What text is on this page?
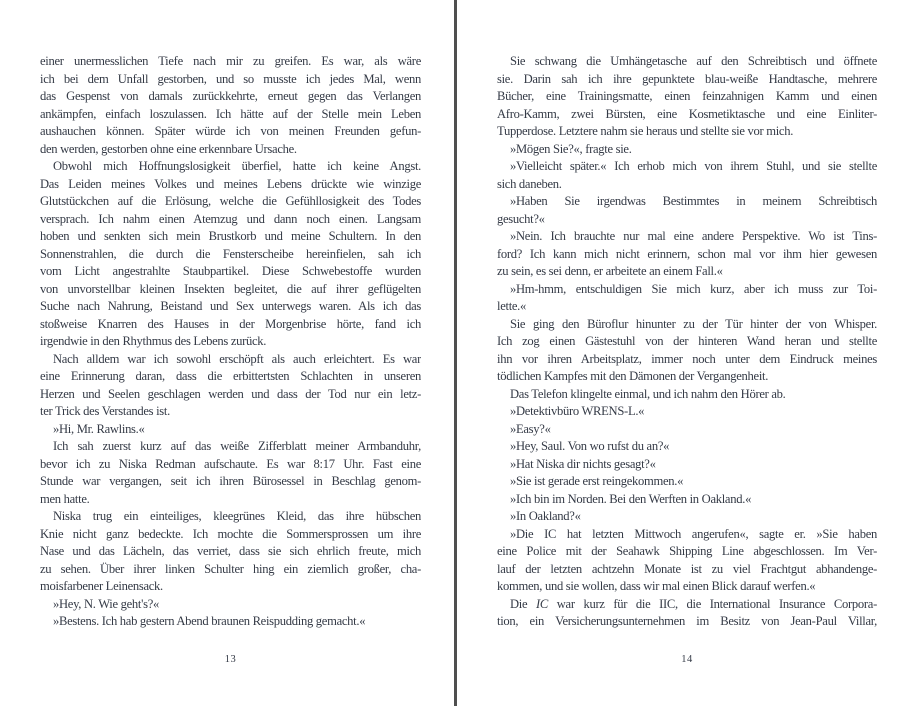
einer unermesslichen Tiefe nach mir zu greifen. Es war, als wäre
ich bei dem Unfall gestorben, und so musste ich jedes Mal, wenn
das Gespenst von damals zurückkehrte, erneut gegen das Verlangen
ankämpfen, einfach loszulassen. Ich hätte auf der Stelle mein Leben
aushauchen können. Später würde ich von meinen Freunden gefun-
den werden, gestorben ohne eine erkennbare Ursache.
Obwohl mich Hoffnungslosigkeit überfiel, hatte ich keine Angst.
Das Leiden meines Volkes und meines Lebens drückte wie winzige
Glutstückchen auf die Erlösung, welche die Gefühllosigkeit des Todes
versprach. Ich nahm einen Atemzug und dann noch einen. Langsam
hoben und senkten sich mein Brustkorb und meine Schultern. In den
Sonnenstrahlen, die durch die Fensterscheibe hereinfielen, sah ich
vom Licht angestrahlte Staubpartikel. Diese Schwebestoffe wurden
von unvorstellbar kleinen Insekten begleitet, die auf ihrer geflügelten
Suche nach Nahrung, Beistand und Sex unterwegs waren. Als ich das
stoßweise Knarren des Hauses in der Morgenbrise hörte, fand ich
irgendwie in den Rhythmus des Lebens zurück.
Nach alldem war ich sowohl erschöpft als auch erleichtert. Es war
eine Erinnerung daran, dass die erbittertsten Schlachten in unseren
Herzen und Seelen geschlagen werden und dass der Tod nur ein letz-
ter Trick des Verstandes ist.
»Hi, Mr. Rawlins.«
Ich sah zuerst kurz auf das weiße Zifferblatt meiner Armbanduhr,
bevor ich zu Niska Redman aufschaute. Es war 8:17 Uhr. Fast eine
Stunde war vergangen, seit ich ihren Bürosessel in Beschlag genom-
men hatte.
Niska trug ein einteiliges, kleegrünes Kleid, das ihre hübschen
Knie nicht ganz bedeckte. Ich mochte die Sommersprossen um ihre
Nase und das Lächeln, das verriet, dass sie sich ehrlich freute, mich
zu sehen. Über ihrer linken Schulter hing ein ziemlich großer, cha-
moisfarbener Leinensack.
»Hey, N. Wie geht's?«
»Bestens. Ich hab gestern Abend braunen Reispudding gemacht.«
13
Sie schwang die Umhängetasche auf den Schreibtisch und öffnete
sie. Darin sah ich ihre gepunktete blau-weiße Handtasche, mehrere
Bücher, eine Trainingsmatte, einen feinzahnigen Kamm und einen
Afro-Kamm, zwei Bürsten, eine Kosmetiktasche und eine Einliter-
Tupperdose. Letztere nahm sie heraus und stellte sie vor mich.
»Mögen Sie?«, fragte sie.
»Vielleicht später.« Ich erhob mich von ihrem Stuhl, und sie stellte
sich daneben.
»Haben Sie irgendwas Bestimmtes in meinem Schreibtisch
gesucht?«
»Nein. Ich brauchte nur mal eine andere Perspektive. Wo ist Tins-
ford? Ich kann mich nicht erinnern, schon mal vor ihm hier gewesen
zu sein, es sei denn, er arbeitete an einem Fall.«
»Hm-hmm, entschuldigen Sie mich kurz, aber ich muss zur Toi-
lette.«
Sie ging den Büroflur hinunter zu der Tür hinter der von Whisper.
Ich zog einen Gästestuhl von der hinteren Wand heran und stellte
ihn vor ihren Arbeitsplatz, immer noch unter dem Eindruck meines
tödlichen Kampfes mit den Dämonen der Vergangenheit.
Das Telefon klingelte einmal, und ich nahm den Hörer ab.
»Detektivbüro WRENS-L.«
»Easy?«
»Hey, Saul. Von wo rufst du an?«
»Hat Niska dir nichts gesagt?«
»Sie ist gerade erst reingekommen.«
»Ich bin im Norden. Bei den Werften in Oakland.«
»In Oakland?«
»Die IC hat letzten Mittwoch angerufen«, sagte er. »Sie haben
eine Police mit der Seahawk Shipping Line abgeschlossen. Im Ver-
lauf der letzten achtzehn Monate ist zu viel Frachtgut abhandenge-
kommen, und sie wollen, dass wir mal einen Blick darauf werfen.«
Die IC war kurz für die IIC, die International Insurance Corpora-
tion, ein Versicherungsunternehmen im Besitz von Jean-Paul Villar,
14
